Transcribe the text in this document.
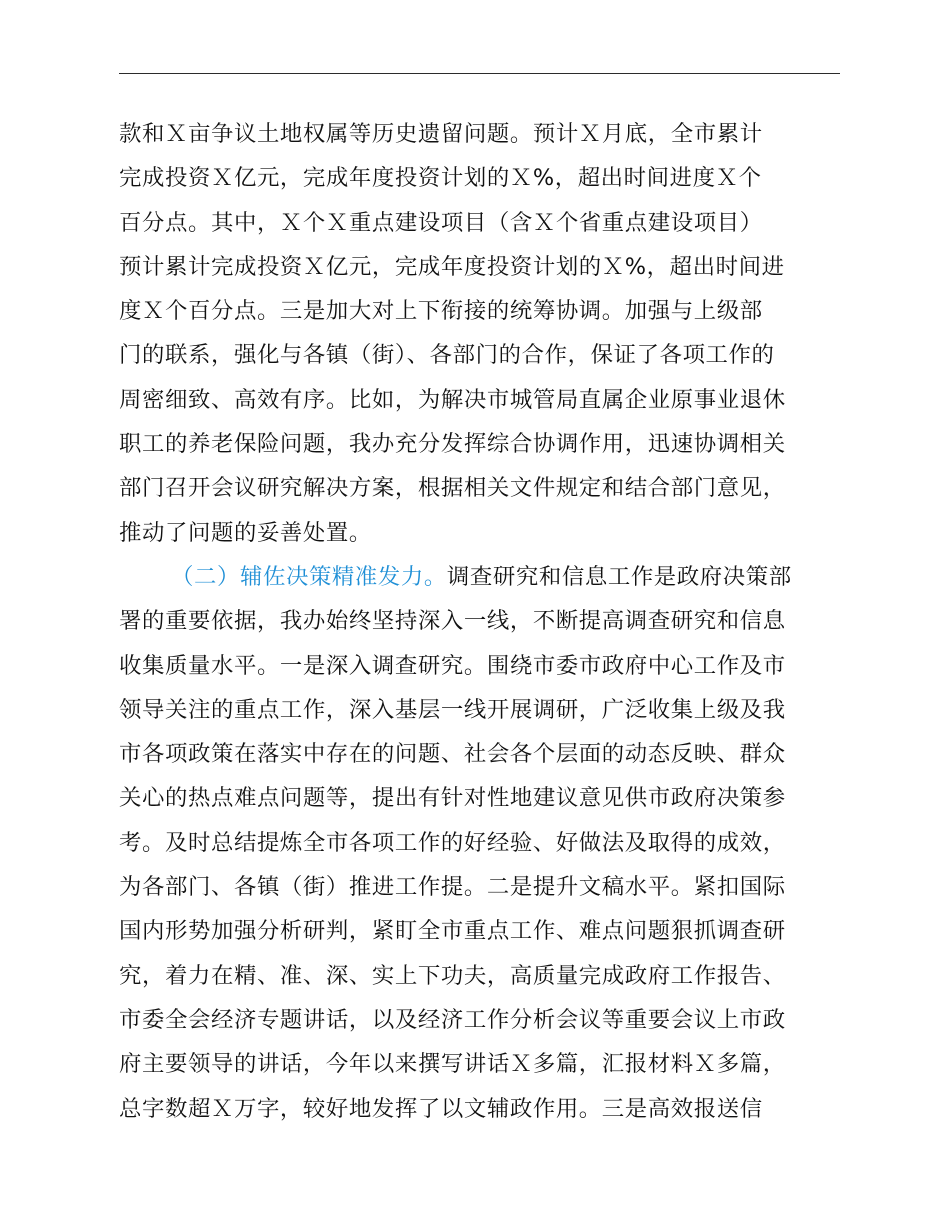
款和Ｘ亩争议土地权属等历史遗留问题。预计Ｘ月底，全市累计
完成投资Ｘ亿元，完成年度投资计划的Ｘ%，超出时间进度Ｘ个
百分点。其中，Ｘ个Ｘ重点建设项目（含Ｘ个省重点建设项目）
预计累计完成投资Ｘ亿元，完成年度投资计划的Ｘ%，超出时间进
度Ｘ个百分点。三是加大对上下衔接的统筹协调。加强与上级部
门的联系，强化与各镇（街）、各部门的合作，保证了各项工作的
周密细致、高效有序。比如，为解决市城管局直属企业原事业退休
职工的养老保险问题，我办充分发挥综合协调作用，迅速协调相关
部门召开会议研究解决方案，根据相关文件规定和结合部门意见，
推动了问题的妥善处置。
（二）辅佐决策精准发力。调查研究和信息工作是政府决策部
署的重要依据，我办始终坚持深入一线，不断提高调查研究和信息
收集质量水平。一是深入调查研究。围绕市委市政府中心工作及市
领导关注的重点工作，深入基层一线开展调研，广泛收集上级及我
市各项政策在落实中存在的问题、社会各个层面的动态反映、群众
关心的热点难点问题等，提出有针对性地建议意见供市政府决策参
考。及时总结提炼全市各项工作的好经验、好做法及取得的成效，
为各部门、各镇（街）推进工作提。二是提升文稿水平。紧扣国际
国内形势加强分析研判，紧盯全市重点工作、难点问题狠抓调查研
究，着力在精、准、深、实上下功夫，高质量完成政府工作报告、
市委全会经济专题讲话，以及经济工作分析会议等重要会议上市政
府主要领导的讲话，今年以来撰写讲话Ｘ多篇，汇报材料Ｘ多篇，
总字数超Ｘ万字，较好地发挥了以文辅政作用。三是高效报送信
